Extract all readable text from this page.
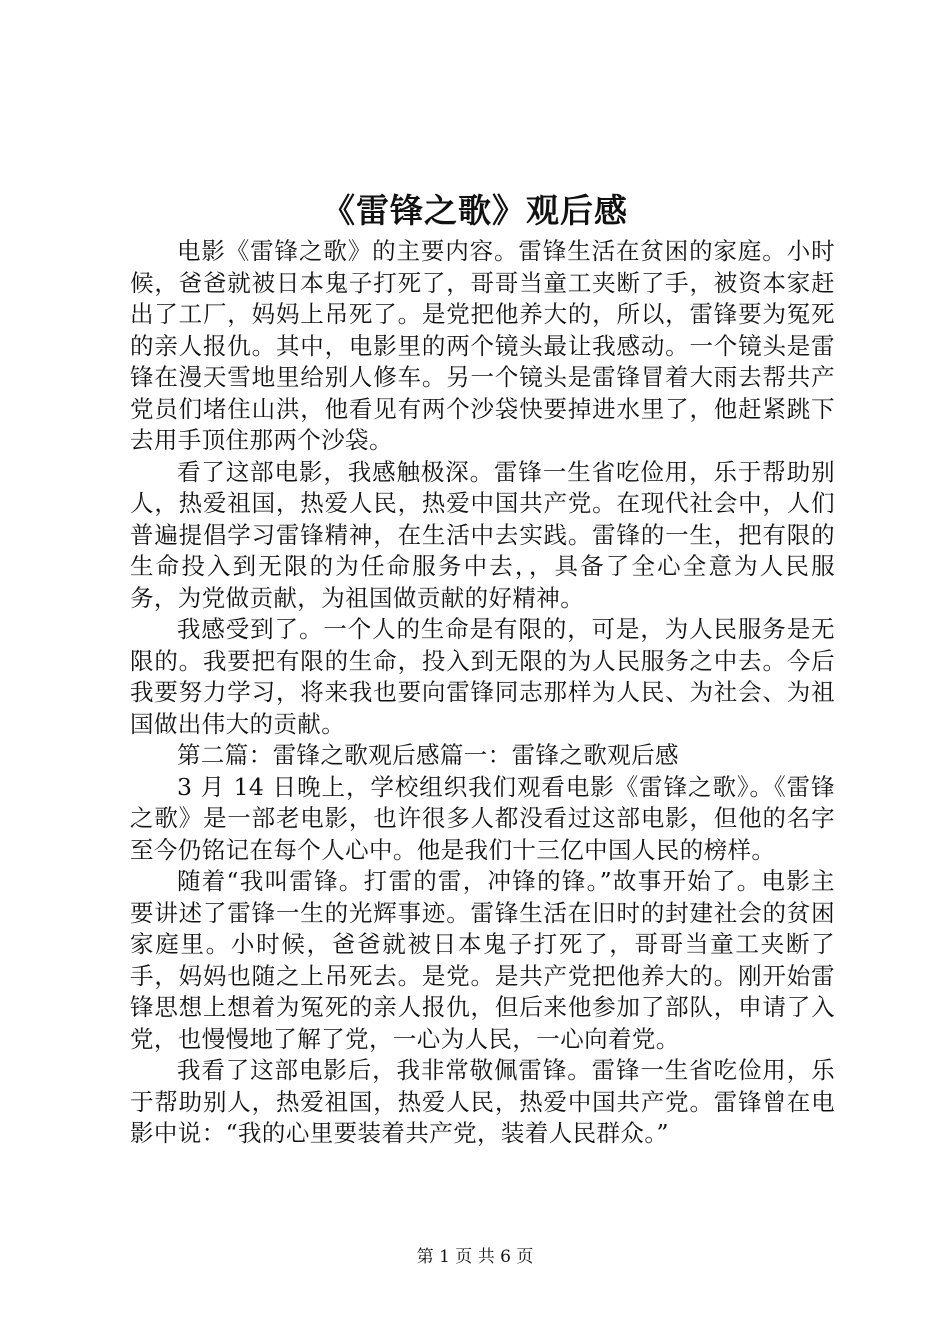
《雷锋之歌》观后感

电影《雷锋之歌》的主要内容。雷锋生活在贫困的家庭。小时候，爸爸就被日本鬼子打死了，哥哥当童工夹断了手，被资本家赶出了工厂，妈妈上吊死了。是党把他养大的，所以，雷锋要为冤死的亲人报仇。其中，电影里的两个镜头最让我感动。一个镜头是雷锋在漫天雪地里给别人修车。另一个镜头是雷锋冒着大雨去帮共产党员们堵住山洪，他看见有两个沙袋快要掉进水里了，他赶紧跳下去用手顶住那两个沙袋。

看了这部电影，我感触极深。雷锋一生省吃俭用，乐于帮助别人，热爱祖国，热爱人民，热爱中国共产党。在现代社会中，人们普遍提倡学习雷锋精神，在生活中去实践。雷锋的一生，把有限的生命投入到无限的为任命服务中去，，具备了全心全意为人民服务，为党做贡献，为祖国做贡献的好精神。

我感受到了。一个人的生命是有限的，可是，为人民服务是无限的。我要把有限的生命，投入到无限的为人民服务之中去。今后我要努力学习，将来我也要向雷锋同志那样为人民、为社会、为祖国做出伟大的贡献。

第二篇：雷锋之歌观后感篇一：雷锋之歌观后感

3 月 14 日晚上，学校组织我们观看电影《雷锋之歌》。《雷锋之歌》是一部老电影，也许很多人都没看过这部电影，但他的名字至今仍铭记在每个人心中。他是我们十三亿中国人民的榜样。

随着“我叫雷锋。打雷的雷，冲锋的锋。”故事开始了。电影主要讲述了雷锋一生的光辉事迹。雷锋生活在旧时的封建社会的贫困家庭里。小时候，爸爸就被日本鬼子打死了，哥哥当童工夹断了手，妈妈也随之上吊死去。是党。是共产党把他养大的。刚开始雷锋思想上想着为冤死的亲人报仇，但后来他参加了部队，申请了入党，也慢慢地了解了党，一心为人民，一心向着党。

我看了这部电影后，我非常敬佩雷锋。雷锋一生省吃俭用，乐于帮助别人，热爱祖国，热爱人民，热爱中国共产党。雷锋曾在电影中说：“我的心里要装着共产党，装着人民群众。”

第 1 页 共 6 页
